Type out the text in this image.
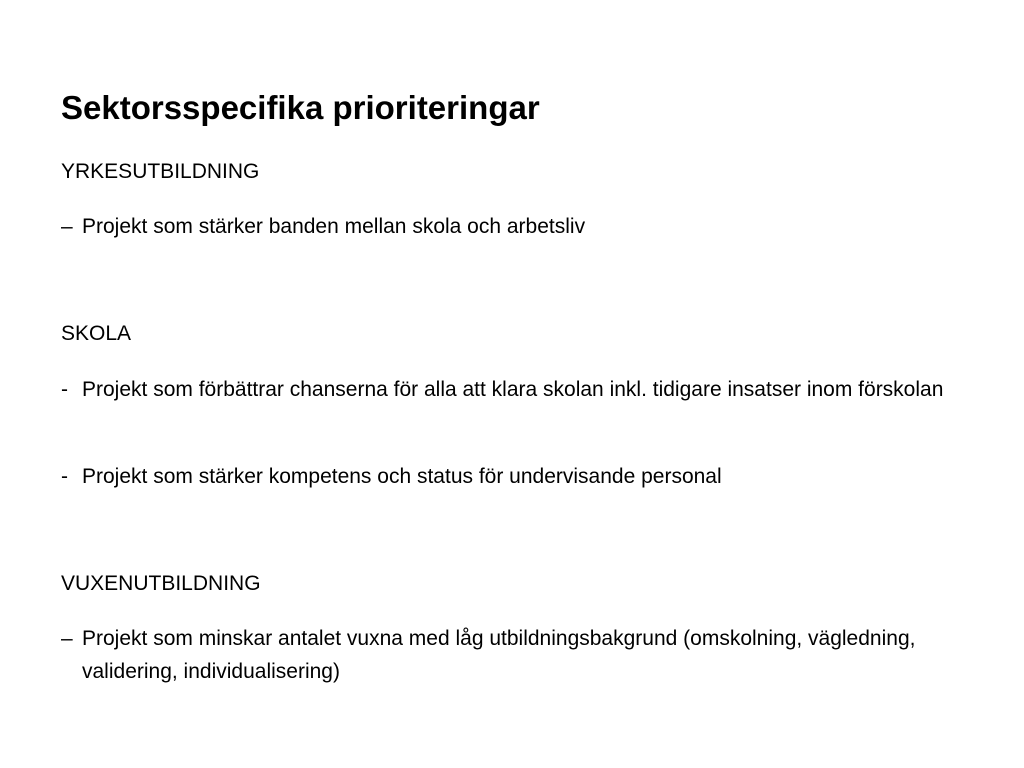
Sektorsspecifika prioriteringar
YRKESUTBILDNING
– Projekt som stärker banden mellan skola och arbetsliv
SKOLA
- Projekt som förbättrar chanserna för alla att klara skolan inkl. tidigare insatser inom förskolan
- Projekt som stärker kompetens och status för undervisande personal
VUXENUTBILDNING
– Projekt som minskar antalet vuxna med låg utbildningsbakgrund (omskolning, vägledning, validering, individualisering)
